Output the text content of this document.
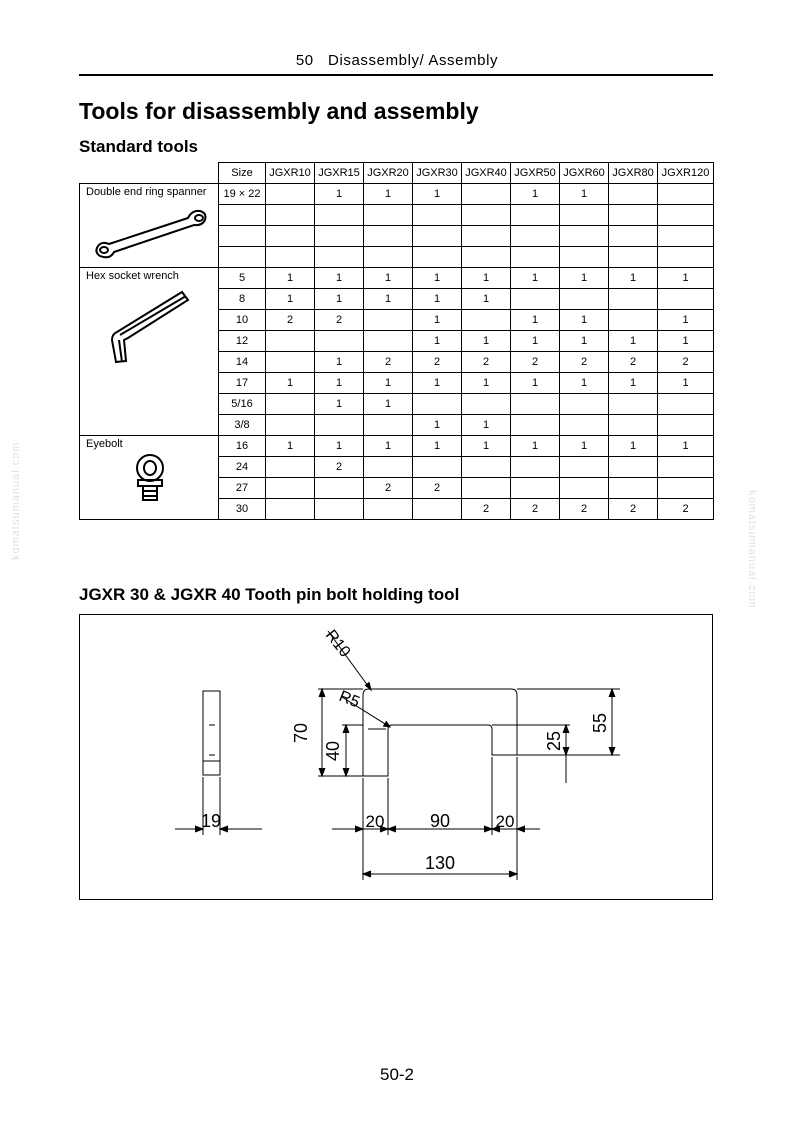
50 Disassembly/ Assembly
komatsumanual.com	komatsumanual.com
Tools for disassembly and assembly
Standard tools
	Size	JGXR10	JGXR15	JGXR20	JGXR30	JGXR40	JGXR50	JGXR60	JGXR80	JGXR120

Double end ring spanner	19 × 22		1	1	1		1	1		

Hex socket wrench	5	1	1	1	1	1	1	1	1	1
	8	1	1	1	1	1				
	10	2	2		1		1	1		1
	12				1	1	1	1	1	1
	14		1	2	2	2	2	2	2	2
	17	1	1	1	1	1	1	1	1	1
	5/16		1	1						
	3/8				1	1				

Eyebolt	16	1	1	1	1	1	1	1	1	1
	24		2							
	27			2	2					
	30					2	2	2	2	2
JGXR 30 & JGXR 40 Tooth pin bolt holding tool
19	20	90	20
130
70
40	25
55
R10
R5
50-2
